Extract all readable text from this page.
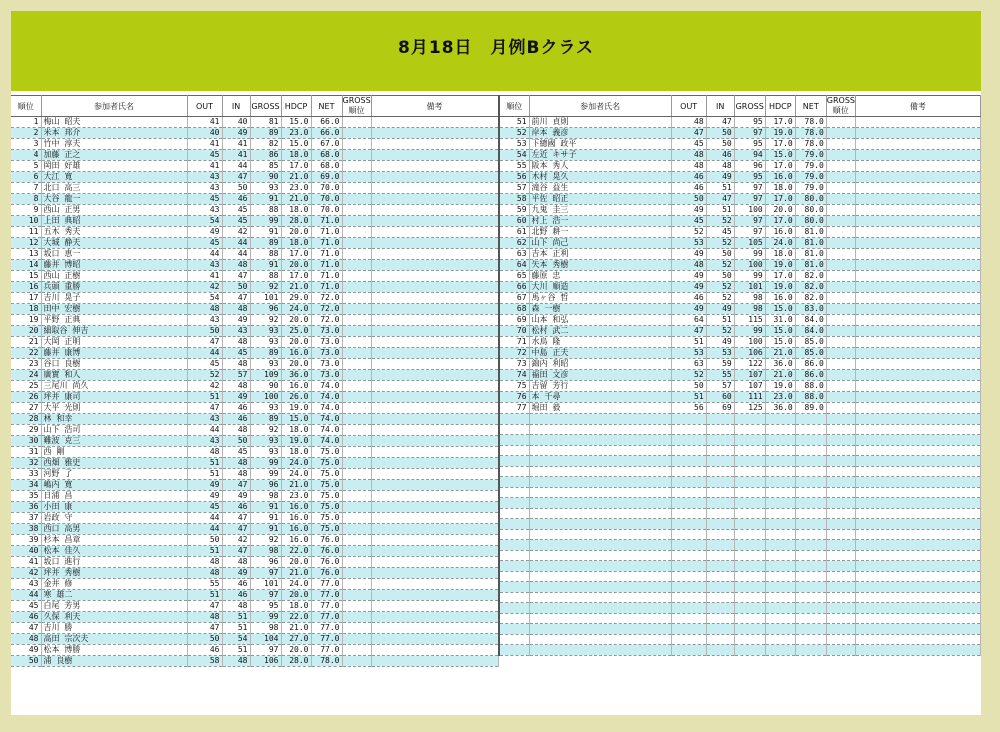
8月18日　月例Bクラス
順位	参加者氏名	OUT	IN	GROSS	HDCP	NET	GROSS順位	備考
1	梅山 昭夫	41	40	81	15.0	66.0		
2	米本 邦介	40	49	89	23.0	66.0		
3	竹中 淳夫	41	41	82	15.0	67.0		
4	加藤 正之	45	41	86	18.0	68.0		
5	岡田 好雄	41	44	85	17.0	68.0		
6	大江 寛	43	47	90	21.0	69.0		
7	北口 高三	43	50	93	23.0	70.0		
8	大谷 龍一	45	46	91	21.0	70.0		
9	西山 正男	43	45	88	18.0	70.0		
10	上田 典昭	54	45	99	28.0	71.0		
11	五木 秀夫	49	42	91	20.0	71.0		
12	大城 静夫	45	44	89	18.0	71.0		
13	坂口 恵一	44	44	88	17.0	71.0		
14	藤井 博昭	43	48	91	20.0	71.0		
15	西山 正樹	41	47	88	17.0	71.0		
16	兵頭 重勝	42	50	92	21.0	71.0		
17	吉川 晃子	54	47	101	29.0	72.0		
18	田中 宏樹	48	48	96	24.0	72.0		
19	平野 正典	43	49	92	20.0	72.0		
20	細取谷 伸吉	50	43	93	25.0	73.0		
21	大岡 正明	47	48	93	20.0	73.0		
22	藤井 康博	44	45	89	16.0	73.0		
23	谷口 良樹	45	48	93	20.0	73.0		
24	廣實 和人	52	57	109	36.0	73.0		
25	三尾川 尚久	42	48	90	16.0	74.0		
26	坪井 康司	51	49	100	26.0	74.0		
27	大平 光則	47	46	93	19.0	74.0		
28	林 和幸	43	46	89	15.0	74.0		
29	山下 浩司	44	48	92	18.0	74.0		
30	難波 克三	43	50	93	19.0	74.0		
31	西 剛	48	45	93	18.0	75.0		
32	西畑 雅史	51	48	99	24.0	75.0		
33	河野 了	51	48	99	24.0	75.0		
34	嶋内 寛	49	47	96	21.0	75.0		
35	日浦 昌	49	49	98	23.0	75.0		
36	小田 康	45	46	91	16.0	75.0		
37	岩政 守	44	47	91	16.0	75.0		
38	西口 高男	44	47	91	16.0	75.0		
39	杉本 昌章	50	42	92	16.0	76.0		
40	松本 佳久	51	47	98	22.0	76.0		
41	坂口 進行	48	48	96	20.0	76.0		
42	坪井 秀樹	48	49	97	21.0	76.0		
43	金井 修	55	46	101	24.0	77.0		
44	寒 雄二	51	46	97	20.0	77.0		
45	白尾 芳男	47	48	95	18.0	77.0		
46	久保 利夫	48	51	99	22.0	77.0		
47	吉川 勝	47	51	98	21.0	77.0		
48	高田 宗次夫	50	54	104	27.0	77.0		
49	松本 博勝	46	51	97	20.0	77.0		
50	浦 良樹	58	48	106	28.0	78.0		
順位	参加者氏名	OUT	IN	GROSS	HDCP	NET	GROSS順位	備考
51	前川 貞則	48	47	95	17.0	78.0		
52	岸本 義彦	47	50	97	19.0	78.0		
53	下總國 政平	45	50	95	17.0	78.0		
54	左近 キサ子	48	46	94	15.0	79.0		
55	阪本 秀人	48	48	96	17.0	79.0		
56	木村 晃久	46	49	95	16.0	79.0		
57	滝谷 益生	46	51	97	18.0	79.0		
58	平佐 昭正	50	47	97	17.0	80.0		
59	九鬼 圭三	49	51	100	20.0	80.0		
60	村上 浩一	45	52	97	17.0	80.0		
61	北野 耕一	52	45	97	16.0	81.0		
62	山下 尚己	53	52	105	24.0	81.0		
63	吉本 正利	49	50	99	18.0	81.0		
64	矢本 秀樹	48	52	100	19.0	81.0		
65	藤原 忠	49	50	99	17.0	82.0		
66	大川 順造	49	52	101	19.0	82.0		
67	馬ヶ谷 哲	46	52	98	16.0	82.0		
68	森 一樹	49	49	98	15.0	83.0		
69	山本 和弘	64	51	115	31.0	84.0		
70	松村 武二	47	52	99	15.0	84.0		
71	水鳥 隆	51	49	100	15.0	85.0		
72	中島 正夫	53	53	106	21.0	85.0		
73	錦内 利昭	63	59	122	36.0	86.0		
74	福田 文彦	52	55	107	21.0	86.0		
75	吉留 芳行	50	57	107	19.0	88.0		
76	本 千尋	51	60	111	23.0	88.0		
77	堀田 毅	56	69	125	36.0	89.0		
